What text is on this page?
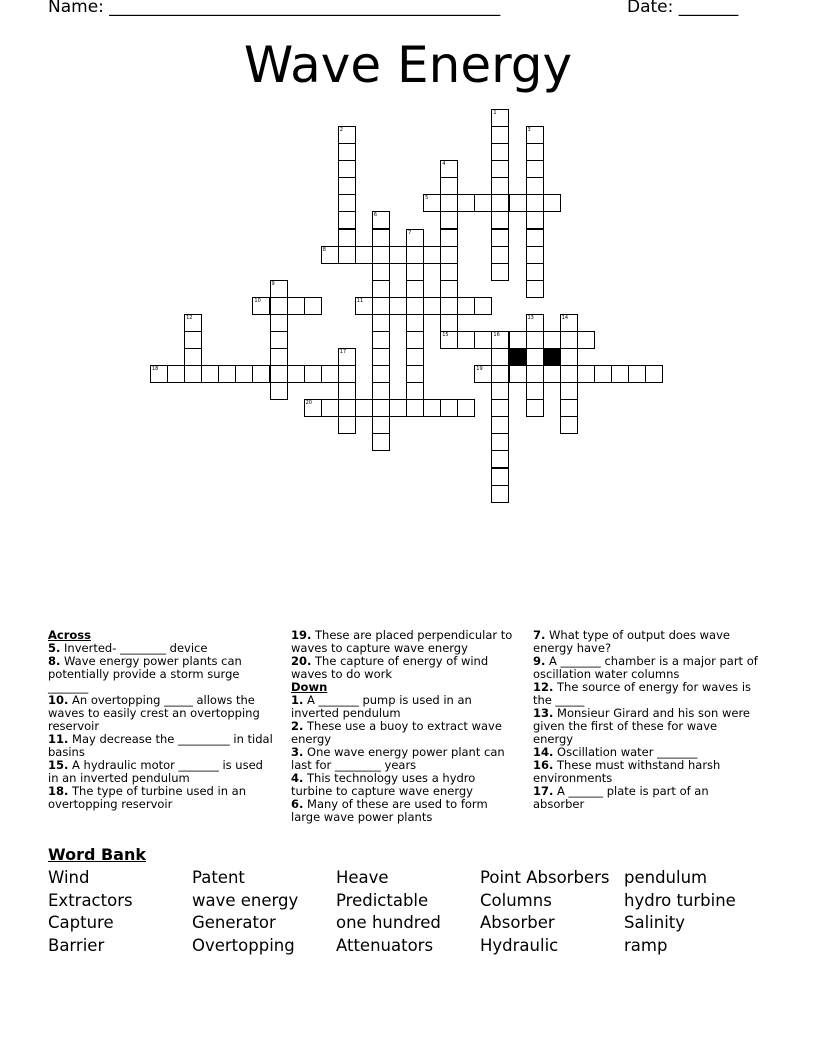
Name: ______________________________________________	Date: _______
Wave Energy
1
2	3
4
15
5
6
7
8
9
10	11
12	13	14
16
17
18	19
20
Across
5. Inverted- ________ device
8. Wave energy power plants can potentially provide a storm surge _______
10. An overtopping _____ allows the waves to easily crest an overtopping reservoir
11. May decrease the _________ in tidal basins
15. A hydraulic motor _______ is used in an inverted pendulum
18. The type of turbine used in an overtopping reservoir
19. These are placed perpendicular to waves to capture wave energy
20. The capture of energy of wind waves to do work
Down
1. A _______ pump is used in an inverted pendulum
2. These use a buoy to extract wave energy
3. One wave energy power plant can last for ________ years
4. This technology uses a hydro turbine to capture wave energy
6. Many of these are used to form large wave power plants
7. What type of output does wave energy have?
9. A _______ chamber is a major part of oscillation water columns
12. The source of energy for waves is the _____
13. Monsieur Girard and his son were given the first of these for wave energy
14. Oscillation water _______
16. These must withstand harsh environments
17. A ______ plate is part of an absorber
Word Bank
Wind
Extractors
Capture
Barrier
Patent
wave energy
Generator
Overtopping
Heave
Predictable
one hundred
Attenuators
Point Absorbers
Columns
Absorber
Hydraulic
pendulum
hydro turbine
Salinity
ramp
